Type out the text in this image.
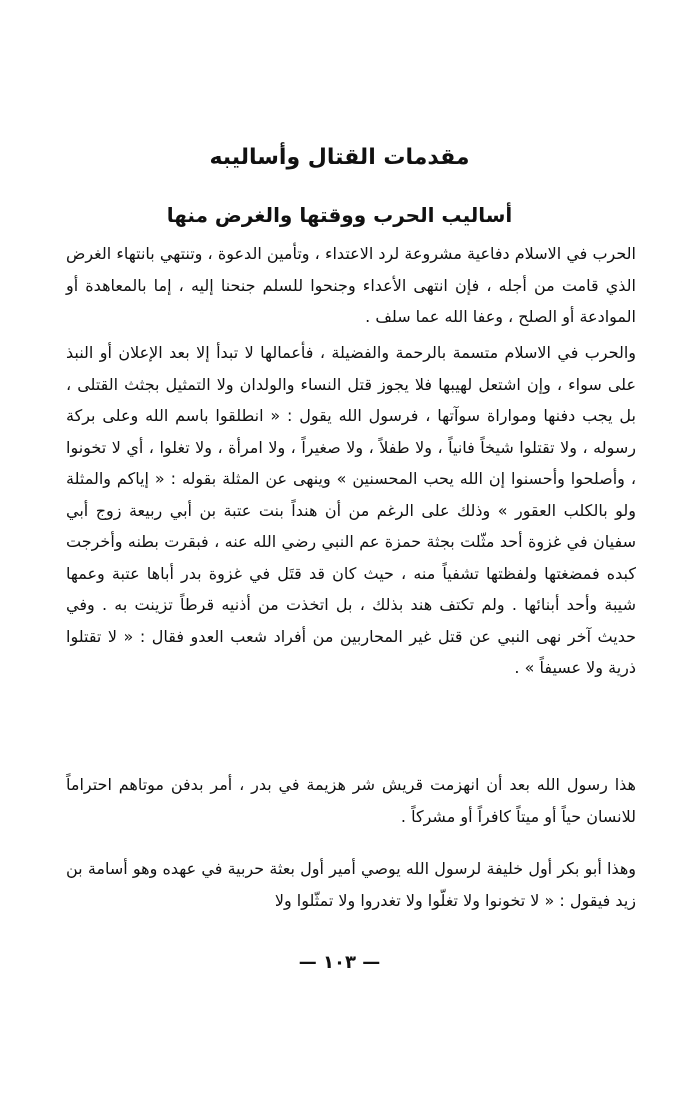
مقدمات القتال وأساليبه
أساليب الحرب ووقتها والغرض منها

الحرب في الاسلام دفاعية مشروعة لرد الاعتداء ، وتأمين الدعوة ، وتنتهي بانتهاء الغرض الذي قامت من أجله ، فإن انتهى الأعداء وجنحوا للسلم جنحنا إليه ، إما بالمعاهدة أو الموادعة أو الصلح ، وعفا الله عما سلف .

والحرب في الاسلام متسمة بالرحمة والفضيلة ، فأعمالها لا تبدأ إلا بعد الإعلان أو النبذ على سواء ، وإن اشتعل لهيبها فلا يجوز قتل النساء والولدان ولا التمثيل بجثث القتلى ، بل يجب دفنها ومواراة سوآتها ، فرسول الله يقول : « انطلقوا باسم الله وعلى بركة رسوله ، ولا تقتلوا شيخاً فانياً ، ولا طفلاً ، ولا صغيراً ، ولا امرأة ، ولا تغلوا ، أي لا تخونوا ، وأصلحوا وأحسنوا إن الله يحب المحسنين » وينهى عن المثلة بقوله : « إياكم والمثلة ولو بالكلب العقور » وذلك على الرغم من أن هنداً بنت عتبة بن أبي ربيعة زوج أبي سفيان في غزوة أحد مثّلت بجثة حمزة عم النبي رضي الله عنه ، فبقرت بطنه وأخرجت كبده فمضغتها ولفظتها تشفياً منه ، حيث كان قد قتَل في غزوة بدر أباها عتبة وعمها شيبة وأحد أبنائها . ولم تكتف هند بذلك ، بل اتخذت من أذنيه قرطاً تزينت به . وفي حديث آخر نهى النبي عن قتل غير المحاربين من أفراد شعب العدو فقال : « لا تقتلوا ذرية ولا عسيفاً » .

هذا رسول الله بعد أن انهزمت قريش شر هزيمة في بدر ، أمر بدفن موتاهم احتراماً للانسان حياً أو ميتاً كافراً أو مشركاً .

وهذا أبو بكر أول خليفة لرسول الله يوصي أمير أول بعثة حربية في عهده وهو أسامة بن زيد فيقول : « لا تخونوا ولا تغلّوا ولا تغدروا ولا تمثّلوا ولا

— ١٠٣ —
